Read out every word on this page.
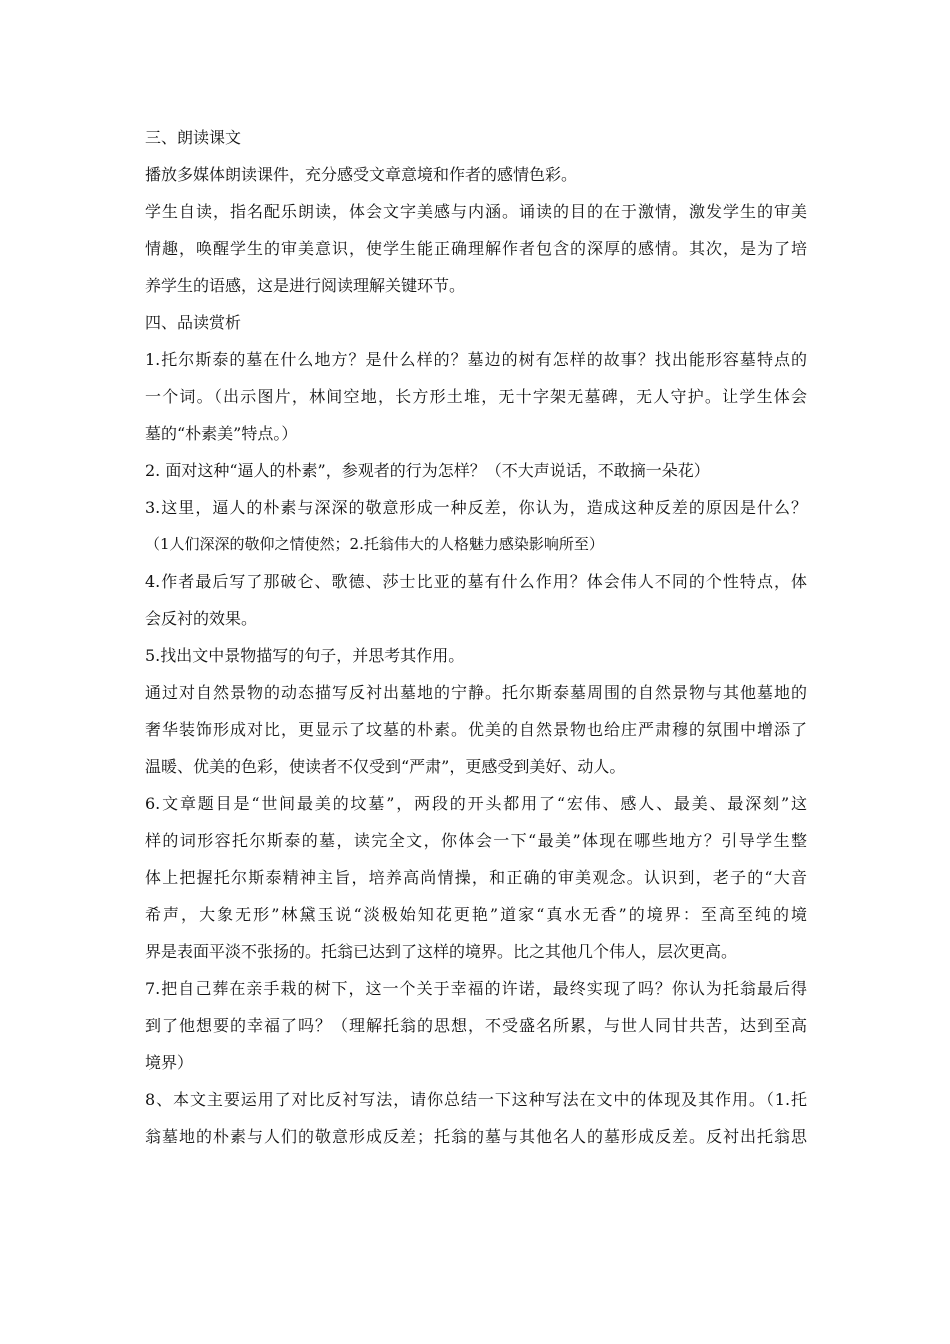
三、朗读课文
播放多媒体朗读课件，充分感受文章意境和作者的感情色彩。
学生自读，指名配乐朗读，体会文字美感与内涵。诵读的目的在于激情，激发学生的审美
情趣，唤醒学生的审美意识，使学生能正确理解作者包含的深厚的感情。其次，是为了培
养学生的语感，这是进行阅读理解关键环节。
四、品读赏析
1.托尔斯泰的墓在什么地方？是什么样的？墓边的树有怎样的故事？找出能形容墓特点的
一个词。（出示图片，林间空地，长方形土堆，无十字架无墓碑，无人守护。让学生体会
墓的“朴素美”特点。）
2. 面对这种“逼人的朴素”，参观者的行为怎样？（不大声说话，不敢摘一朵花）
3.这里，逼人的朴素与深深的敬意形成一种反差，你认为，造成这种反差的原因是什么？
（1人们深深的敬仰之情使然；2.托翁伟大的人格魅力感染影响所至）
4.作者最后写了那破仑、歌德、莎士比亚的墓有什么作用？体会伟人不同的个性特点，体
会反衬的效果。
5.找出文中景物描写的句子，并思考其作用。
通过对自然景物的动态描写反衬出墓地的宁静。托尔斯泰墓周围的自然景物与其他墓地的
奢华装饰形成对比，更显示了坟墓的朴素。优美的自然景物也给庄严肃穆的氛围中增添了
温暖、优美的色彩，使读者不仅受到“严肃”，更感受到美好、动人。
6.文章题目是“世间最美的坟墓”，两段的开头都用了“宏伟、感人、最美、最深刻”这
样的词形容托尔斯泰的墓，读完全文，你体会一下“最美”体现在哪些地方？引导学生整
体上把握托尔斯泰精神主旨，培养高尚情操，和正确的审美观念。认识到，老子的“大音
希声，大象无形”林黛玉说“淡极始知花更艳”道家“真水无香”的境界：至高至纯的境
界是表面平淡不张扬的。托翁已达到了这样的境界。比之其他几个伟人，层次更高。
7.把自己葬在亲手栽的树下，这一个关于幸福的许诺，最终实现了吗？你认为托翁最后得
到了他想要的幸福了吗？（理解托翁的思想，不受盛名所累，与世人同甘共苦，达到至高
境界）
8、本文主要运用了对比反衬写法，请你总结一下这种写法在文中的体现及其作用。（1.托
翁墓地的朴素与人们的敬意形成反差；托翁的墓与其他名人的墓形成反差。反衬出托翁思
